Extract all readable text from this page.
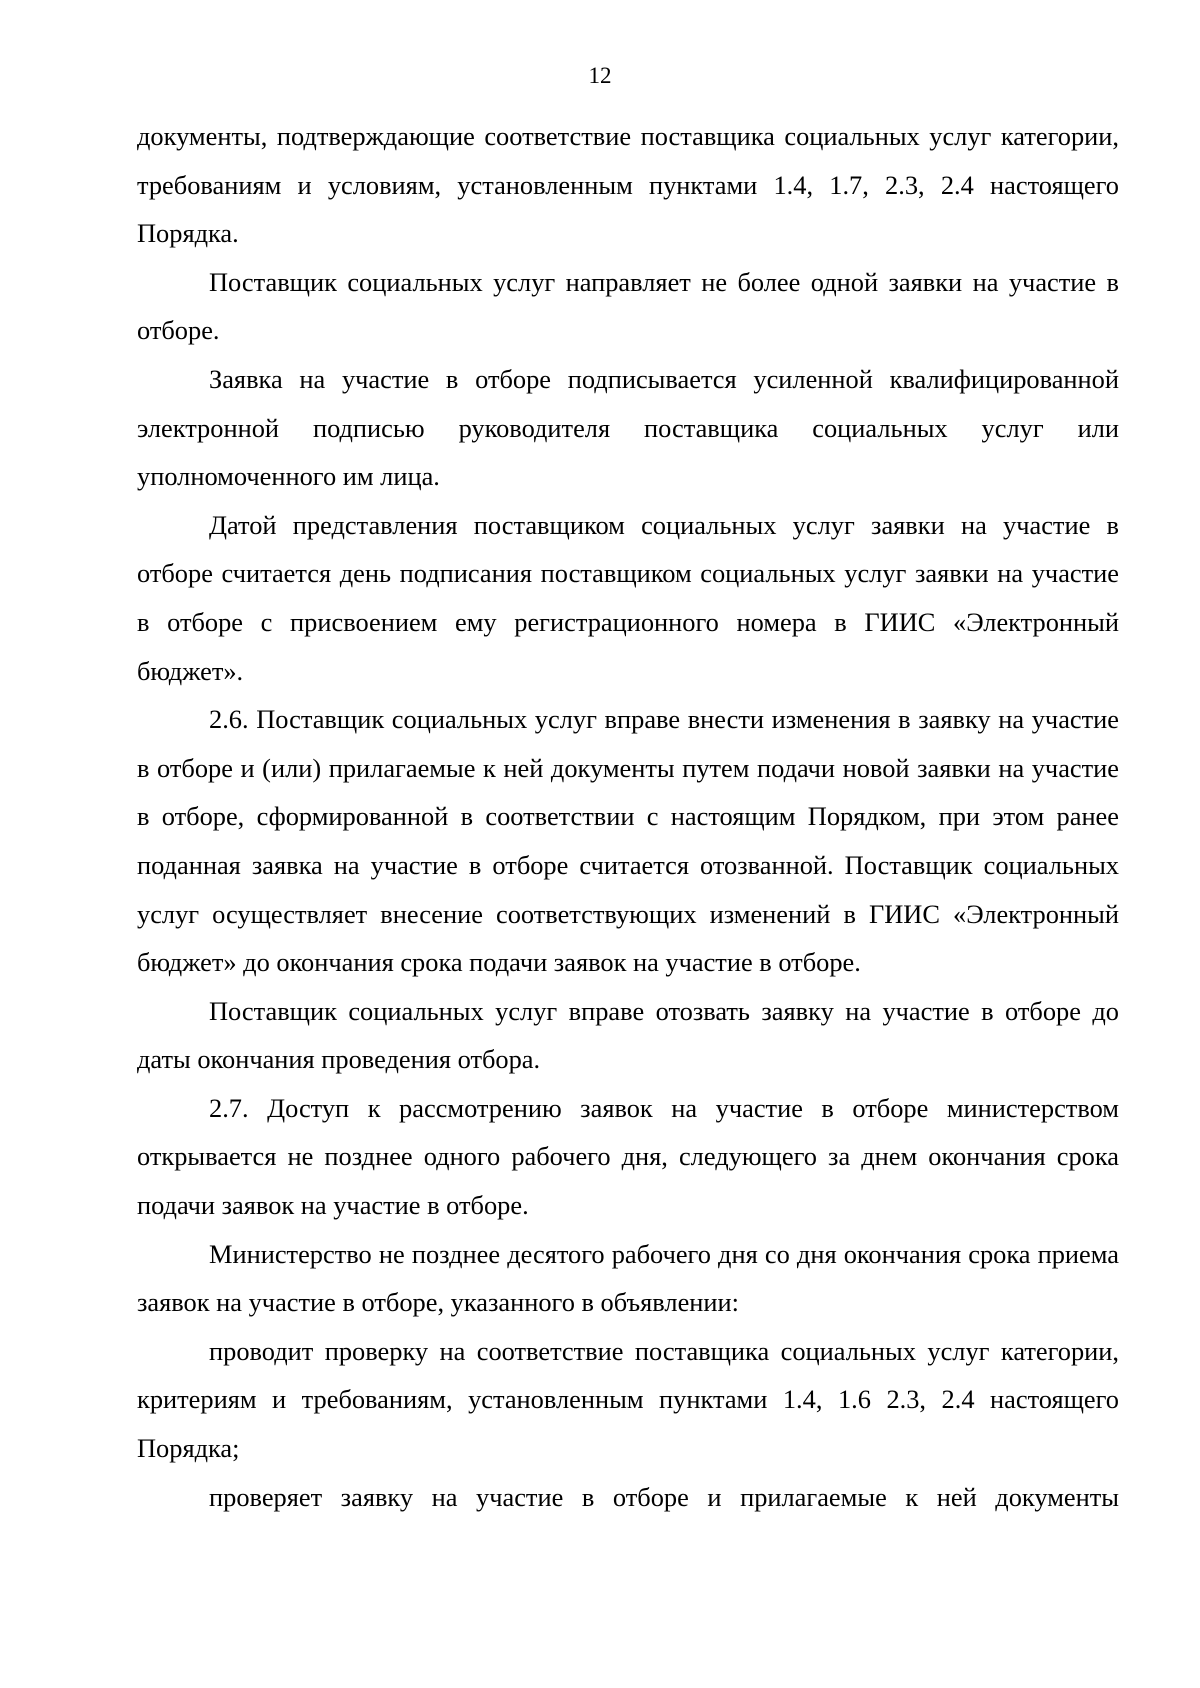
12

документы, подтверждающие соответствие поставщика социальных услуг категории, требованиям и условиям, установленным пунктами 1.4, 1.7, 2.3, 2.4 настоящего Порядка.

Поставщик социальных услуг направляет не более одной заявки на участие в отборе.

Заявка на участие в отборе подписывается усиленной квалифицированной электронной подписью руководителя поставщика социальных услуг или уполномоченного им лица.

Датой представления поставщиком социальных услуг заявки на участие в отборе считается день подписания поставщиком социальных услуг заявки на участие в отборе с присвоением ему регистрационного номера в ГИИС «Электронный бюджет».

2.6. Поставщик социальных услуг вправе внести изменения в заявку на участие в отборе и (или) прилагаемые к ней документы путем подачи новой заявки на участие в отборе, сформированной в соответствии с настоящим Порядком, при этом ранее поданная заявка на участие в отборе считается отозванной. Поставщик социальных услуг осуществляет внесение соответствующих изменений в ГИИС «Электронный бюджет» до окончания срока подачи заявок на участие в отборе.

Поставщик социальных услуг вправе отозвать заявку на участие в отборе до даты окончания проведения отбора.

2.7. Доступ к рассмотрению заявок на участие в отборе министерством открывается не позднее одного рабочего дня, следующего за днем окончания срока подачи заявок на участие в отборе.

Министерство не позднее десятого рабочего дня со дня окончания срока приема заявок на участие в отборе, указанного в объявлении:

проводит проверку на соответствие поставщика социальных услуг категории, критериям и требованиям, установленным пунктами 1.4, 1.6 2.3, 2.4 настоящего Порядка;

проверяет заявку на участие в отборе и прилагаемые к ней документы
